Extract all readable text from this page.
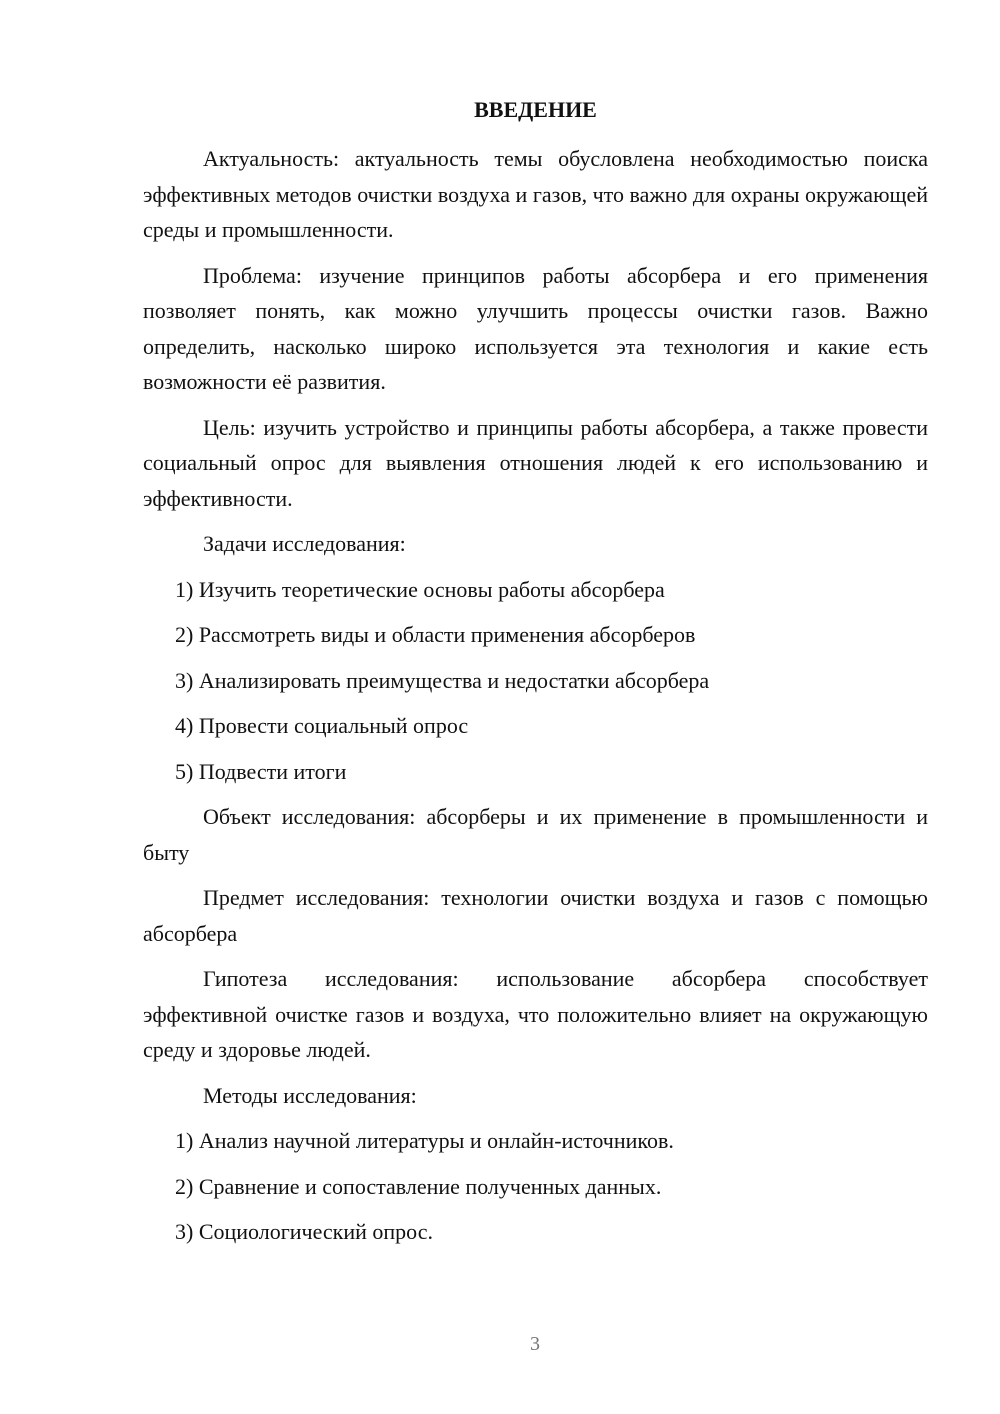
ВВЕДЕНИЕ

Актуальность: актуальность темы обусловлена необходимостью поиска эффективных методов очистки воздуха и газов, что важно для охраны окружающей среды и промышленности.

Проблема: изучение принципов работы абсорбера и его применения позволяет понять, как можно улучшить процессы очистки газов. Важно определить, насколько широко используется эта технология и какие есть возможности её развития.

Цель: изучить устройство и принципы работы абсорбера, а также провести социальный опрос для выявления отношения людей к его использованию и эффективности.

Задачи исследования:

1) Изучить теоретические основы работы абсорбера
2) Рассмотреть виды и области применения абсорберов
3) Анализировать преимущества и недостатки абсорбера
4) Провести социальный опрос
5) Подвести итоги

Объект исследования: абсорберы и их применение в промышленности и быту

Предмет исследования: технологии очистки воздуха и газов с помощью абсорбера

Гипотеза исследования: использование абсорбера способствует эффективной очистке газов и воздуха, что положительно влияет на окружающую среду и здоровье людей.

Методы исследования:

1) Анализ научной литературы и онлайн-источников.
2) Сравнение и сопоставление полученных данных.
3) Социологический опрос.
3
